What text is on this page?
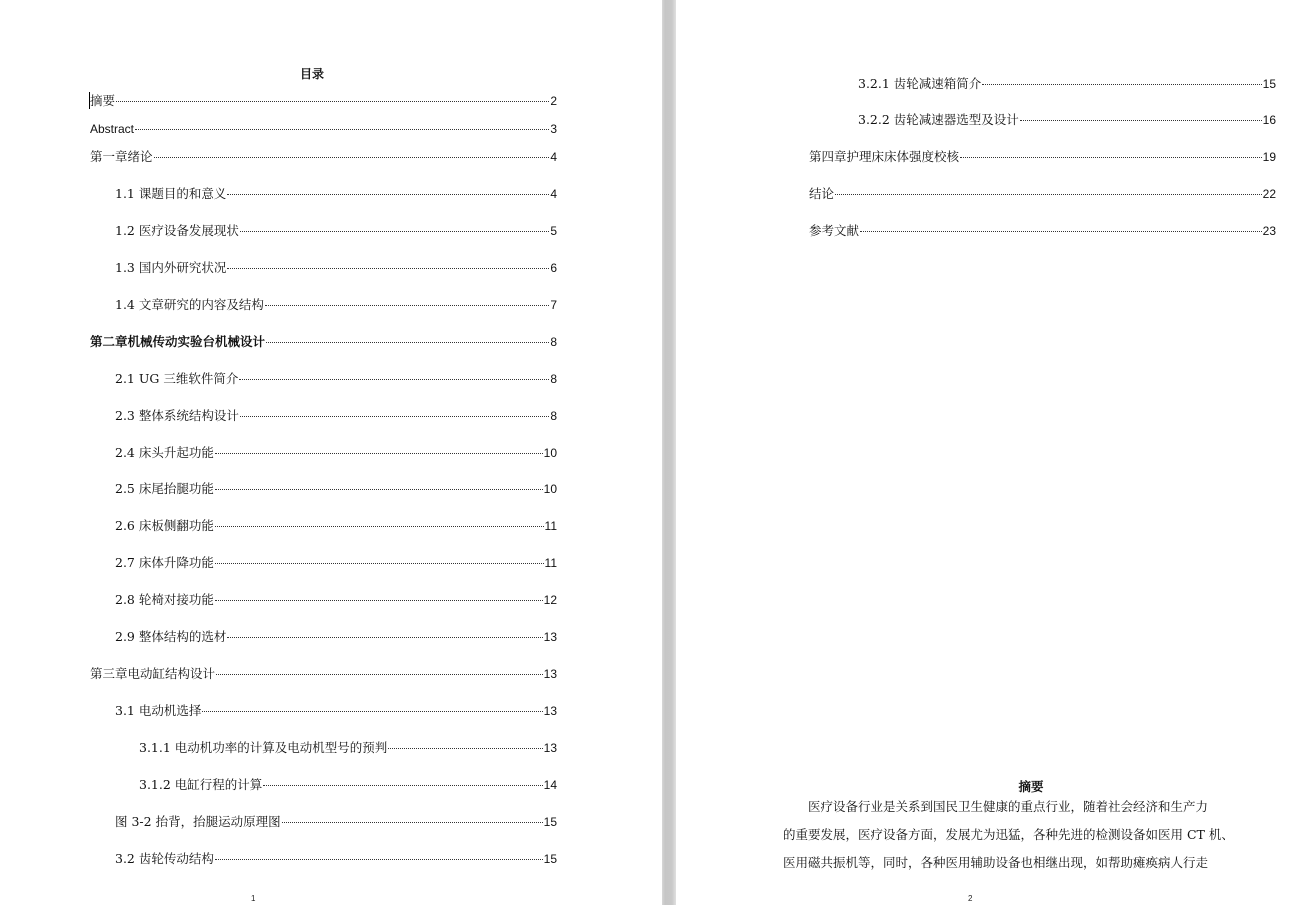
目录
摘要	2
Abstract	3
第一章绪论	4
1.1 课题目的和意义	4
1.2 医疗设备发展现状	5
1.3 国内外研究状况	6
1.4 文章研究的内容及结构	7
第二章机械传动实验台机械设计	8
2.1 UG 三维软件简介	8
2.3 整体系统结构设计	8
2.4 床头升起功能	10
2.5 床尾抬腿功能	10
2.6 床板侧翻功能	11
2.7 床体升降功能	11
2.8 轮椅对接功能	12
2.9 整体结构的选材	13
第三章电动缸结构设计	13
3.1 电动机选择	13
3.1.1 电动机功率的计算及电动机型号的预判	13
3.1.2 电缸行程的计算	14
图 3-2 抬背，抬腿运动原理图	15
3.2 齿轮传动结构	15
1
3.2.1 齿轮减速箱简介	15
3.2.2 齿轮减速器选型及设计	16
第四章护理床床体强度校核	19
结论	22
参考文献	23
摘要
医疗设备行业是关系到国民卫生健康的重点行业，随着社会经济和生产力
的重要发展，医疗设备方面，发展尤为迅猛，各种先进的检测设备如医用 CT 机、
医用磁共振机等，同时，各种医用辅助设备也相继出现，如帮助瘫痪病人行走
2
